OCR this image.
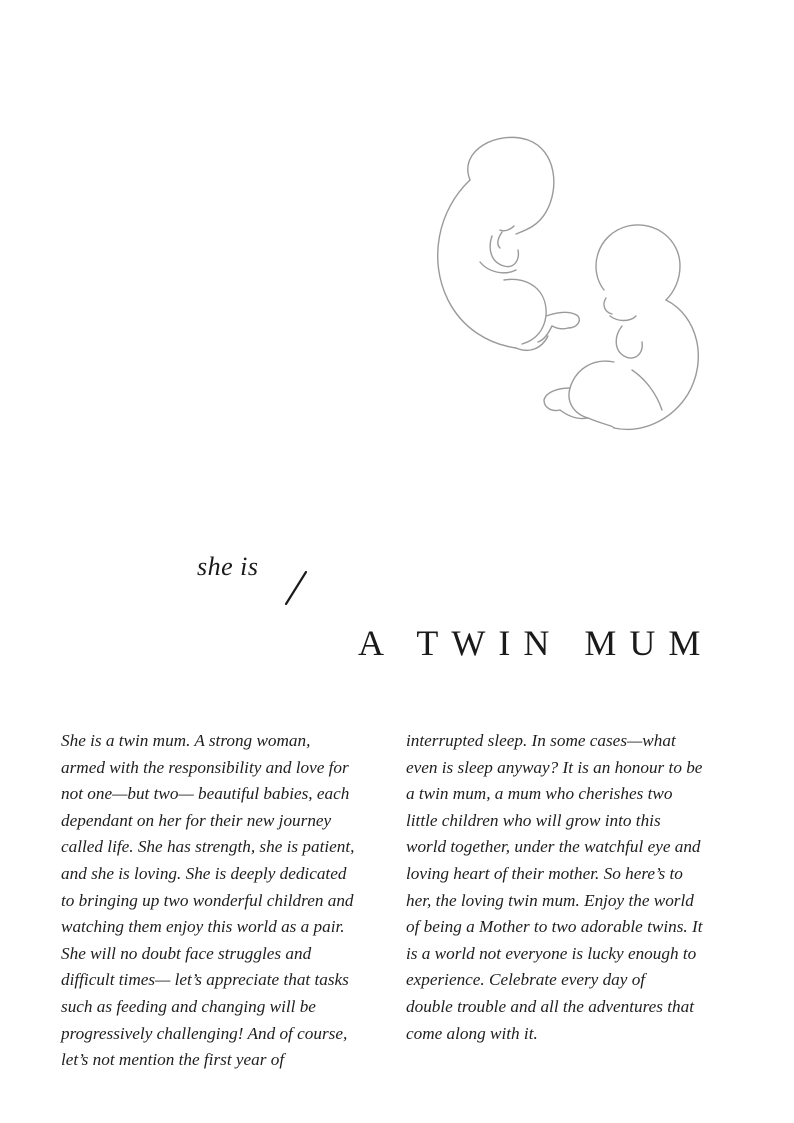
she is
A TWIN MUM
She is a twin mum. A strong woman,
armed with the responsibility and love for
not one—but two— beautiful babies, each
dependant on her for their new journey
called life. She has strength, she is patient,
and she is loving. She is deeply dedicated
to bringing up two wonderful children and
watching them enjoy this world as a pair.
She will no doubt face struggles and
difficult times— let’s appreciate that tasks
such as feeding and changing will be
progressively challenging! And of course,
let’s not mention the first year of
interrupted sleep. In some cases—what
even is sleep anyway? It is an honour to be
a twin mum, a mum who cherishes two
little children who will grow into this
world together, under the watchful eye and
loving heart of their mother. So here’s to
her, the loving twin mum. Enjoy the world
of being a Mother to two adorable twins. It
is a world not everyone is lucky enough to
experience. Celebrate every day of
double trouble and all the adventures that
come along with it.
